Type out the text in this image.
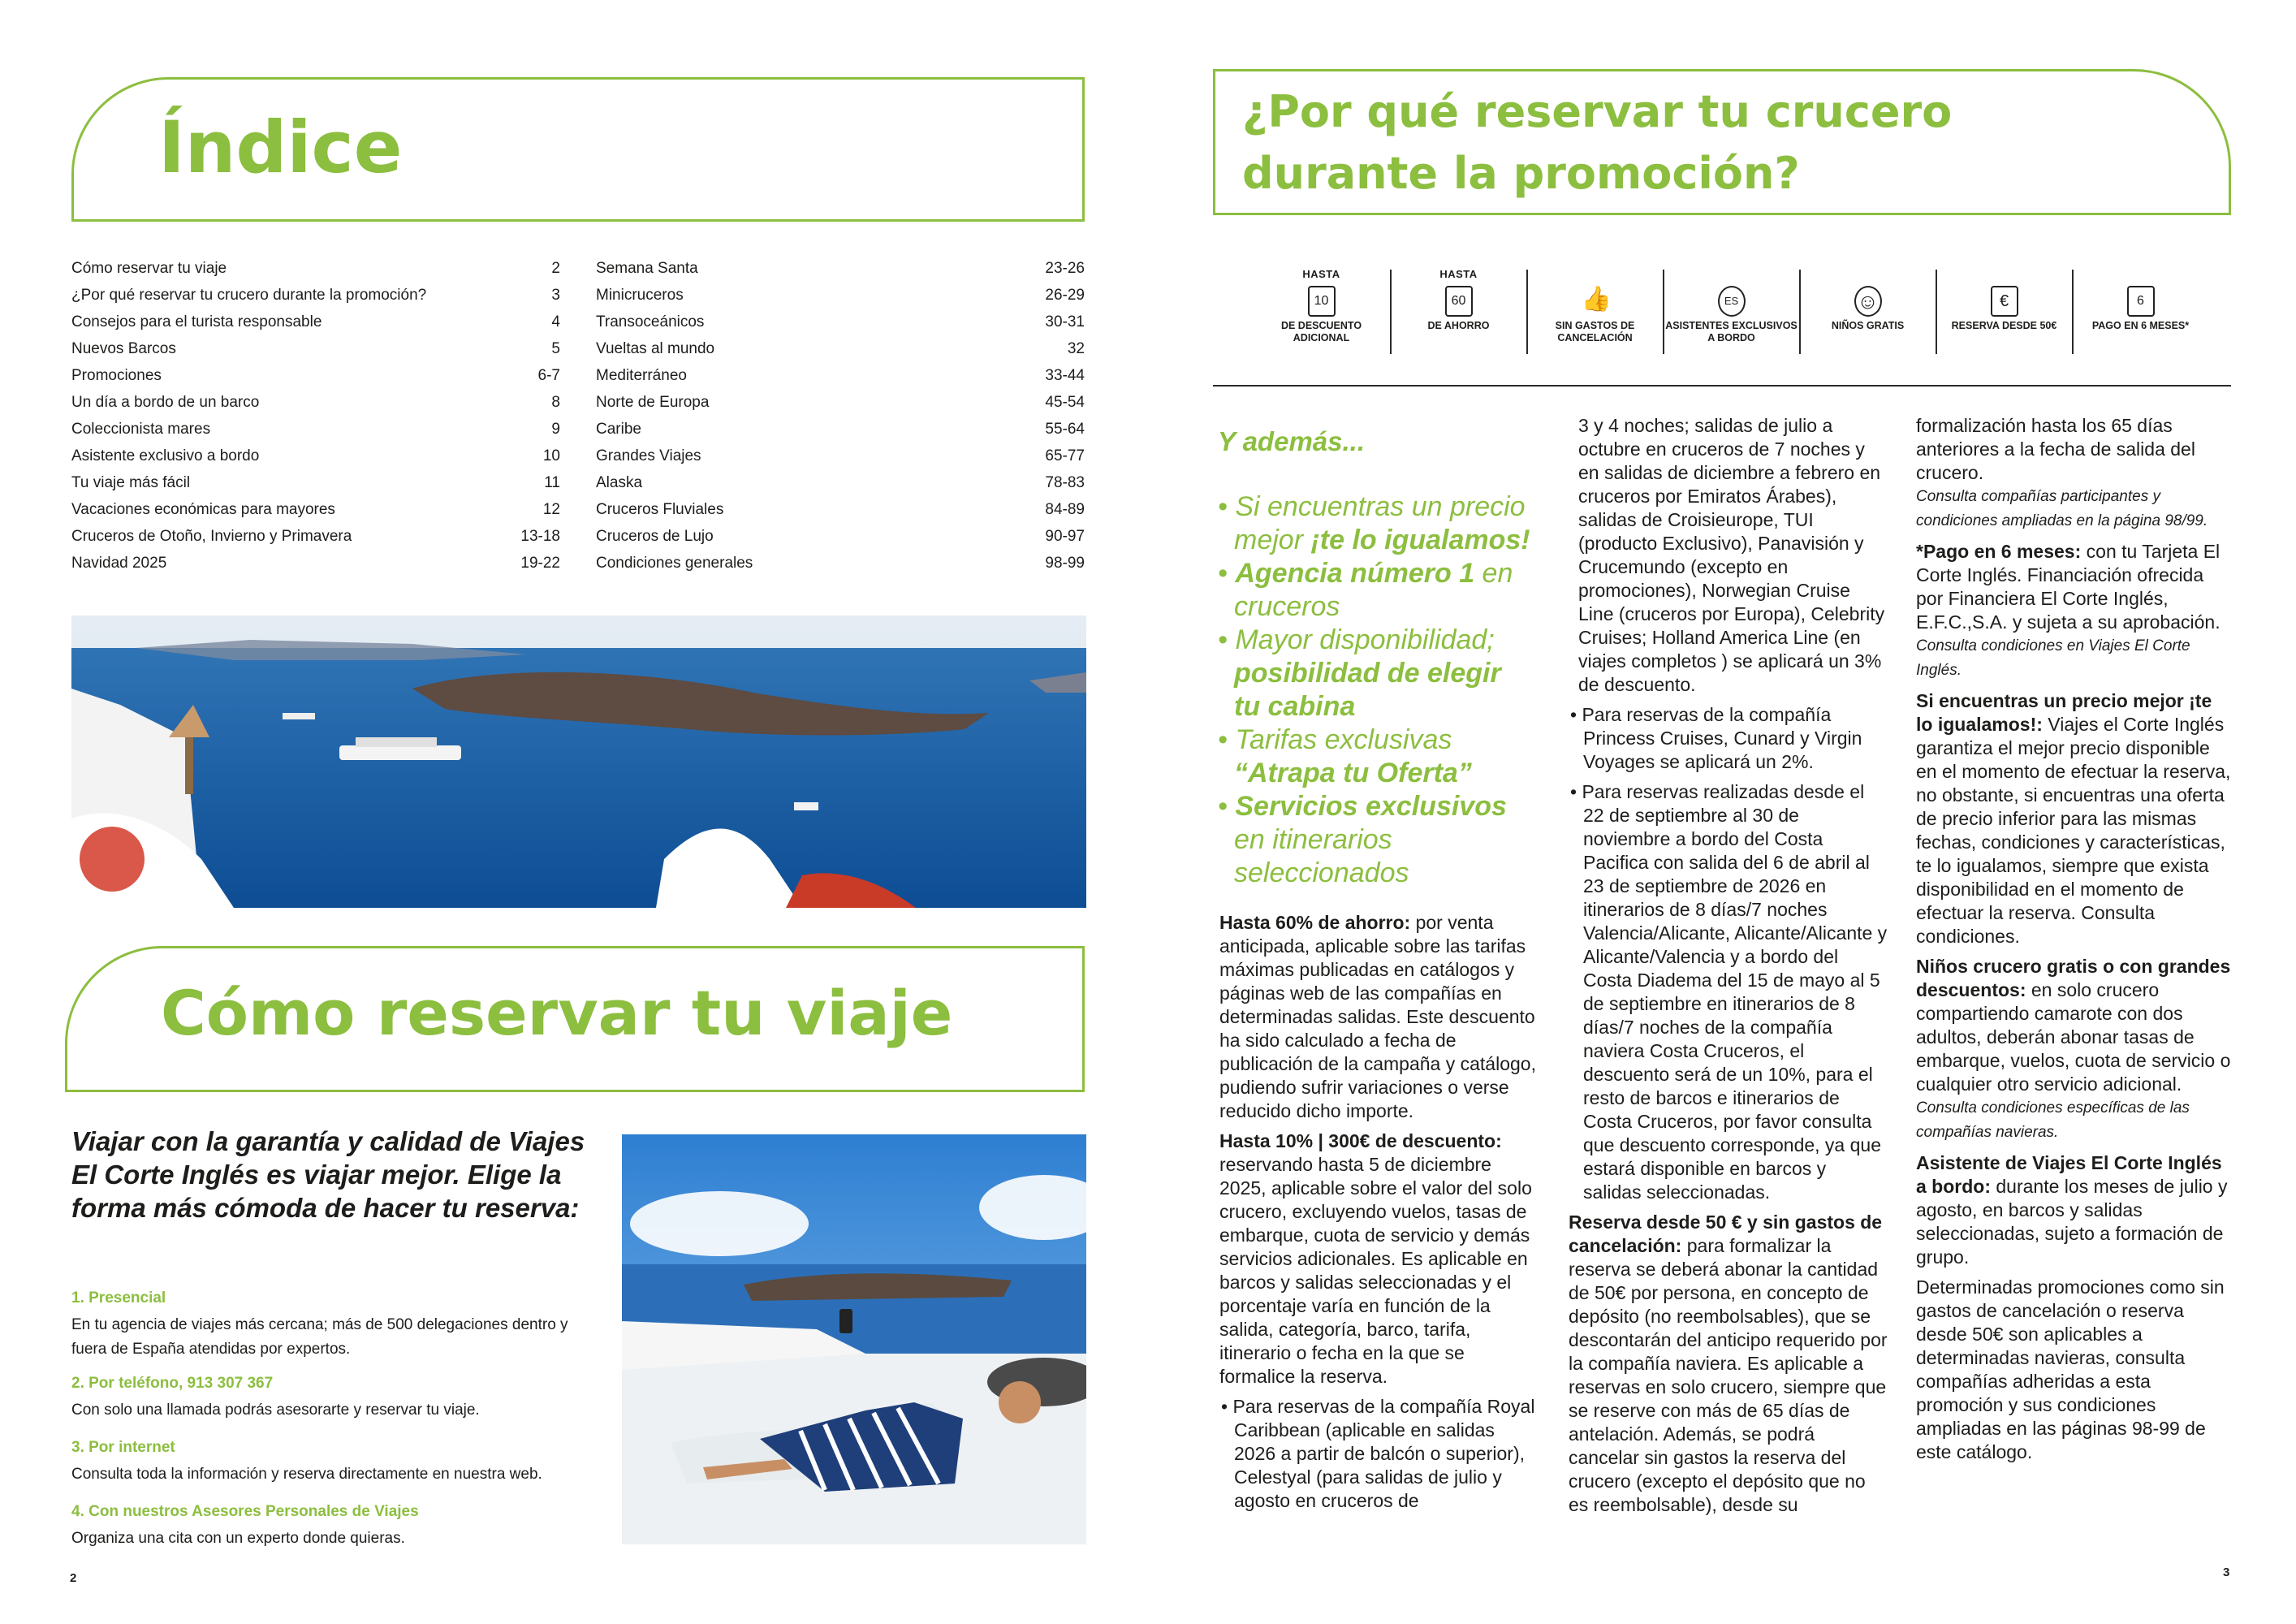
Índice
Cómo reservar tu viaje	2
¿Por qué reservar tu crucero durante la promoción?	3
Consejos para el turista responsable	4
Nuevos Barcos	5
Promociones	6-7
Un día a bordo de un barco	8
Coleccionista mares	9
Asistente exclusivo a bordo	10
Tu viaje más fácil	11
Vacaciones económicas para mayores	12
Cruceros de Otoño, Invierno y Primavera	13-18
Navidad 2025	19-22
Semana Santa	23-26
Minicruceros	26-29
Transoceánicos	30-31
Vueltas al mundo	32
Mediterráneo	33-44
Norte de Europa	45-54
Caribe	55-64
Grandes Viajes	65-77
Alaska	78-83
Cruceros Fluviales	84-89
Cruceros de Lujo	90-97
Condiciones generales	98-99
Cómo reservar tu viaje
Viajar con la garantía y calidad de Viajes El Corte Inglés es viajar mejor. Elige la forma más cómoda de hacer tu reserva:
1. Presencial
En tu agencia de viajes más cercana; más de 500 delegaciones dentro y fuera de España atendidas por expertos.
2. Por teléfono, 913 307 367
Con solo una llamada podrás asesorarte y reservar tu viaje.
3. Por internet
Consulta toda la información y reserva directamente en nuestra web.
4. Con nuestros Asesores Personales de Viajes
Organiza una cita con un experto donde quieras.
2
¿Por qué reservar tu crucero
durante la promoción?
HASTA
10
DE DESCUENTO ADICIONAL
HASTA
60
DE AHORRO
👍
SIN GASTOS DE CANCELACIÓN
ES
ASISTENTES EXCLUSIVOS A BORDO
☺
NIÑOS GRATIS
€
RESERVA DESDE 50€
6
PAGO EN 6 MESES*
Y además...
• Si encuentras un precio
mejor ¡te lo igualamos!
• Agencia número 1 en
cruceros
• Mayor disponibilidad;
posibilidad de elegir
tu cabina
• Tarifas exclusivas
“Atrapa tu Oferta”
• Servicios exclusivos
en itinerarios
seleccionados

Hasta 60% de ahorro: por venta anticipada, aplicable sobre las tarifas máximas publicadas en catálogos y páginas web de las compañías en determinadas salidas. Este descuento ha sido calculado a fecha de publicación de la campaña y catálogo, pudiendo sufrir variaciones o verse reducido dicho importe.

Hasta 10% | 300€ de descuento: reservando hasta 5 de diciembre 2025, aplicable sobre el valor del solo crucero, excluyendo vuelos, tasas de embarque, cuota de servicio y demás servicios adicionales. Es aplicable en barcos y salidas seleccionadas y el porcentaje varía en función de la salida, categoría, barco, tarifa, itinerario o fecha en la que se formalice la reserva.

• Para reservas de la compañía Royal Caribbean (aplicable en salidas 2026 a partir de balcón o superior), Celestyal (para salidas de julio y agosto en cruceros de

3 y 4 noches; salidas de julio a octubre en cruceros de 7 noches y en salidas de diciembre a febrero en cruceros por Emiratos Árabes), salidas de Croisieurope, TUI (producto Exclusivo), Panavisión y Crucemundo (excepto en promociones), Norwegian Cruise Line (cruceros por Europa), Celebrity Cruises; Holland America Line (en viajes completos ) se aplicará un 3% de descuento.

• Para reservas de la compañía Princess Cruises, Cunard y Virgin Voyages se aplicará un 2%.

• Para reservas realizadas desde el 22 de septiembre al 30 de noviembre a bordo del Costa Pacifica con salida del 6 de abril al 23 de septiembre de 2026 en itinerarios de 8 días/7 noches Valencia/Alicante, Alicante/Alicante y Alicante/Valencia y a bordo del Costa Diadema del 15 de mayo al 5 de septiembre en itinerarios de 8 días/7 noches de la compañía naviera Costa Cruceros, el descuento será de un 10%, para el resto de barcos e itinerarios de Costa Cruceros, por favor consulta que descuento corresponde, ya que estará disponible en barcos y salidas seleccionadas.

Reserva desde 50 € y sin gastos de cancelación: para formalizar la reserva se deberá abonar la cantidad de 50€ por persona, en concepto de depósito (no reembolsables), que se descontarán del anticipo requerido por la compañía naviera. Es aplicable a reservas en solo crucero, siempre que se reserve con más de 65 días de antelación. Además, se podrá cancelar sin gastos la reserva del crucero (excepto el depósito que no es reembolsable), desde su

formalización hasta los 65 días anteriores a la fecha de salida del crucero.

Consulta compañías participantes y condiciones ampliadas en la página 98/99.

*Pago en 6 meses: con tu Tarjeta El Corte Inglés. Financiación ofrecida por Financiera El Corte Inglés, E.F.C.,S.A. y sujeta a su aprobación.

Consulta condiciones en Viajes El Corte Inglés.

Si encuentras un precio mejor ¡te lo igualamos!: Viajes el Corte Inglés garantiza el mejor precio disponible en el momento de efectuar la reserva, no obstante, si encuentras una oferta de precio inferior para las mismas fechas, condiciones y características, te lo igualamos, siempre que exista disponibilidad en el momento de efectuar la reserva. Consulta condiciones.

Niños crucero gratis o con grandes descuentos: en solo crucero compartiendo camarote con dos adultos, deberán abonar tasas de embarque, vuelos, cuota de servicio o cualquier otro servicio adicional.

Consulta condiciones específicas de las compañías navieras.

Asistente de Viajes El Corte Inglés a bordo: durante los meses de julio y agosto, en barcos y salidas seleccionadas, sujeto a formación de grupo.

Determinadas promociones como sin gastos de cancelación o reserva desde 50€ son aplicables a determinadas navieras, consulta compañías adheridas a esta promoción y sus condiciones ampliadas en las páginas 98-99 de este catálogo.

3
